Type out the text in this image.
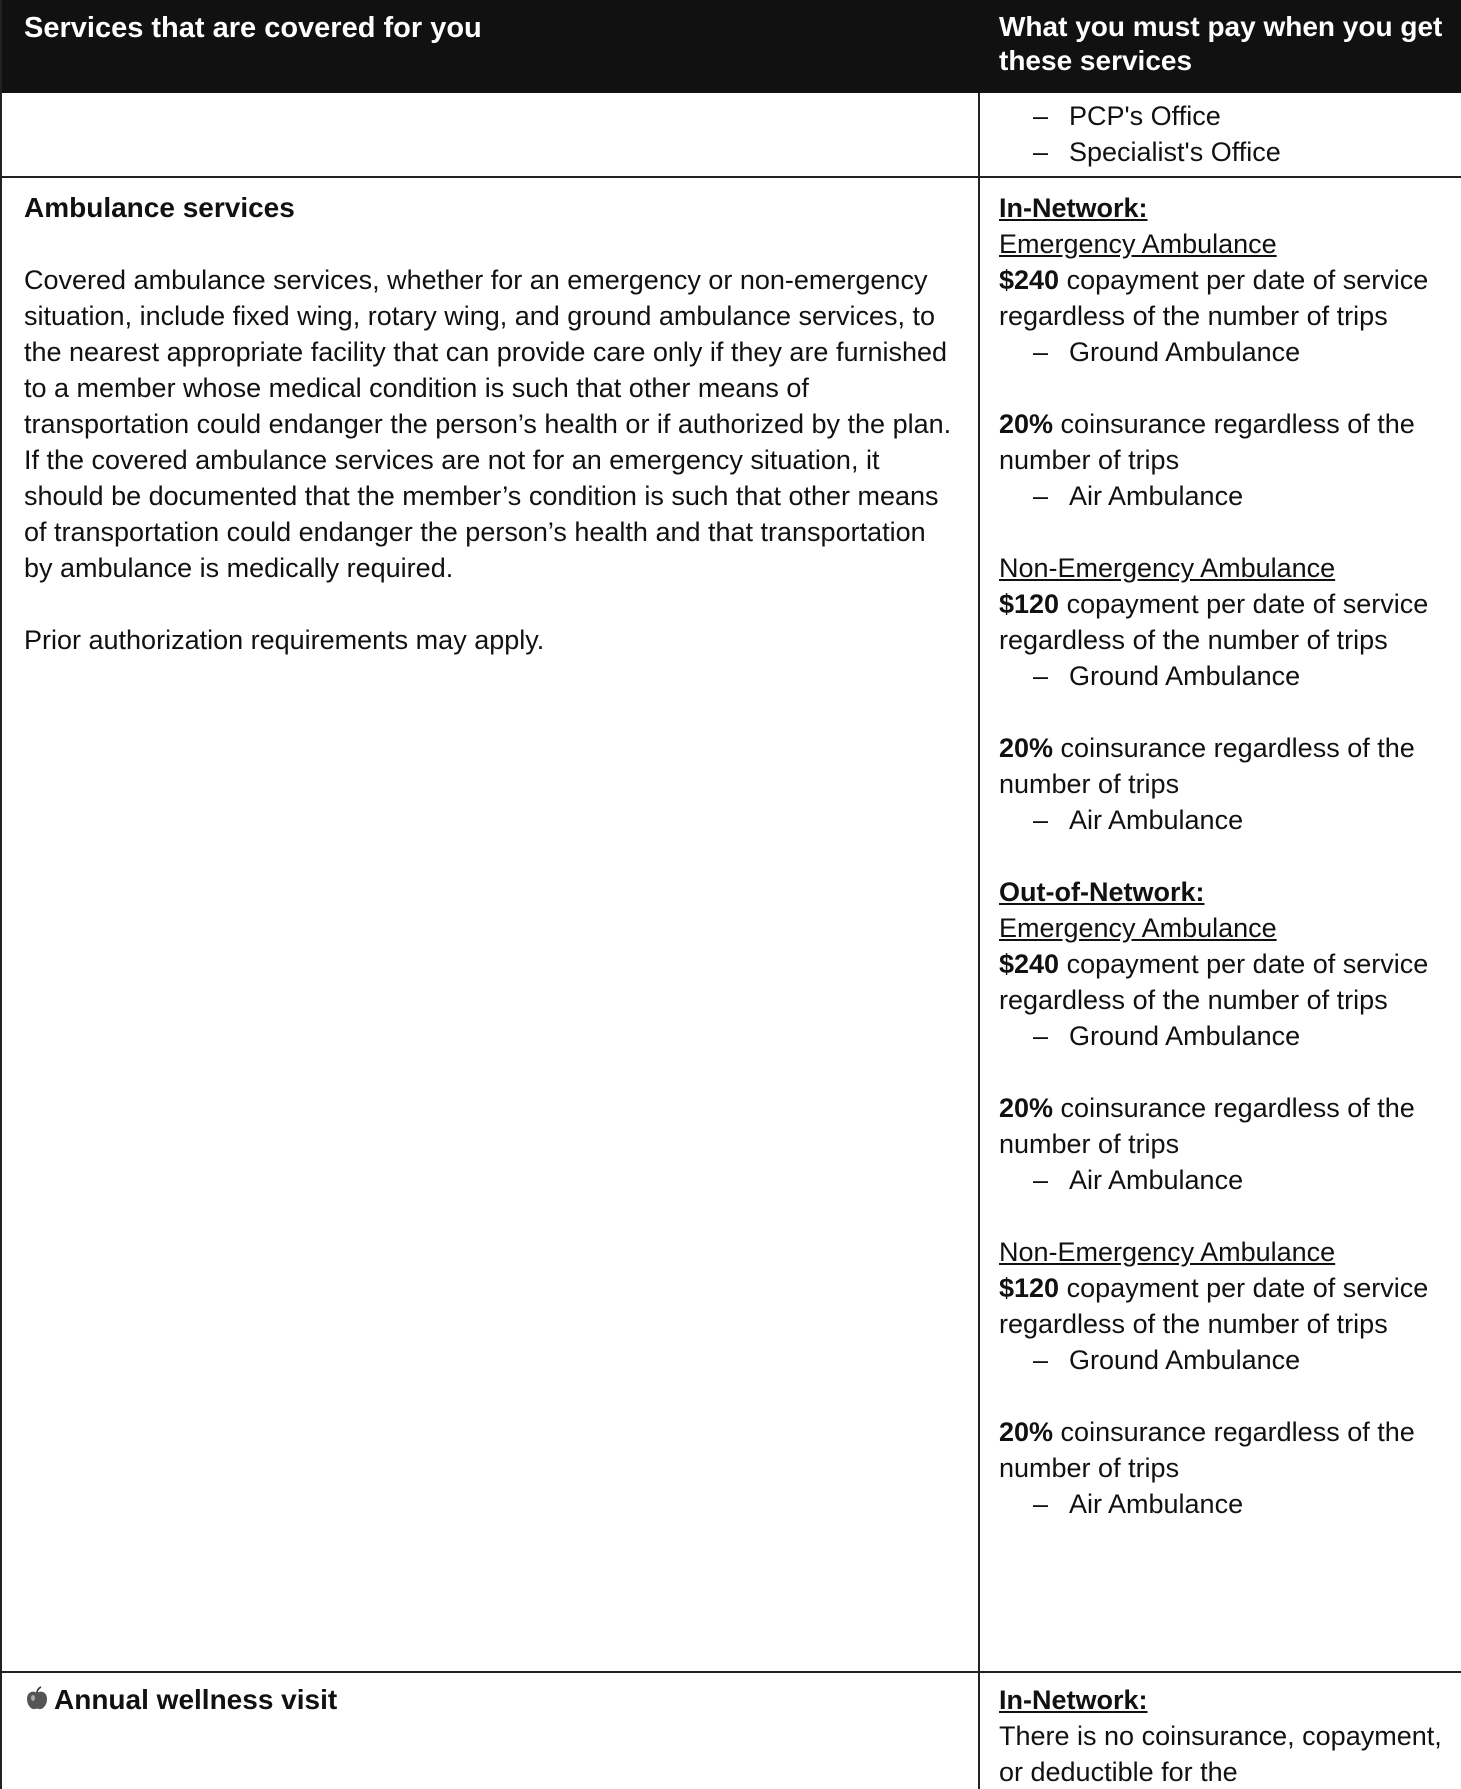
Services that are covered for you	What you must pay when you get these services
– PCP's Office
– Specialist's Office
Ambulance services
Covered ambulance services, whether for an emergency or non-emergency situation, include fixed wing, rotary wing, and ground ambulance services, to the nearest appropriate facility that can provide care only if they are furnished to a member whose medical condition is such that other means of transportation could endanger the person’s health or if authorized by the plan. If the covered ambulance services are not for an emergency situation, it should be documented that the member’s condition is such that other means of transportation could endanger the person’s health and that transportation by ambulance is medically required.
Prior authorization requirements may apply.
In-Network:
Emergency Ambulance
$240 copayment per date of service regardless of the number of trips
– Ground Ambulance
20% coinsurance regardless of the number of trips
– Air Ambulance
Non-Emergency Ambulance
$120 copayment per date of service regardless of the number of trips
– Ground Ambulance
20% coinsurance regardless of the number of trips
– Air Ambulance
Out-of-Network:
Emergency Ambulance
$240 copayment per date of service regardless of the number of trips
– Ground Ambulance
20% coinsurance regardless of the number of trips
– Air Ambulance
Non-Emergency Ambulance
$120 copayment per date of service regardless of the number of trips
– Ground Ambulance
20% coinsurance regardless of the number of trips
– Air Ambulance
Annual wellness visit	In-Network:
There is no coinsurance, copayment, or deductible for the
